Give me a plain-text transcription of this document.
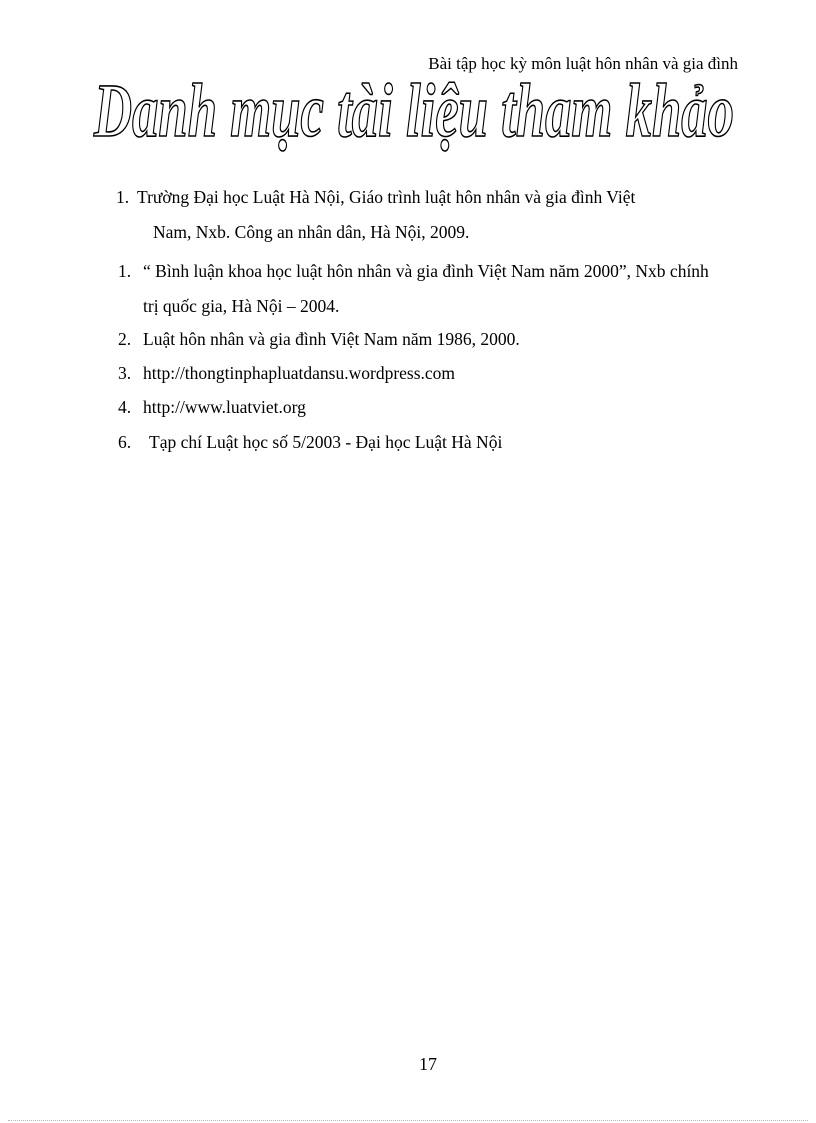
Bài tập học kỳ môn luật hôn nhân và gia đình
Danh mục tài liệu tham khảo
1. Trường Đại học Luật Hà Nội, Giáo trình luật hôn nhân và gia đình Việt
Nam, Nxb. Công an nhân dân, Hà Nội, 2009.
1. “ Bình luận khoa học luật hôn nhân và gia đình Việt Nam năm 2000”, Nxb chính
trị quốc gia, Hà Nội – 2004.
2. Luật hôn nhân và gia đình Việt Nam năm 1986, 2000.
3. http://thongtinphapluatdansu.wordpress.com
4. http://www.luatviet.org
6.	Tạp chí Luật học số 5/2003 - Đại học Luật Hà Nội
17
